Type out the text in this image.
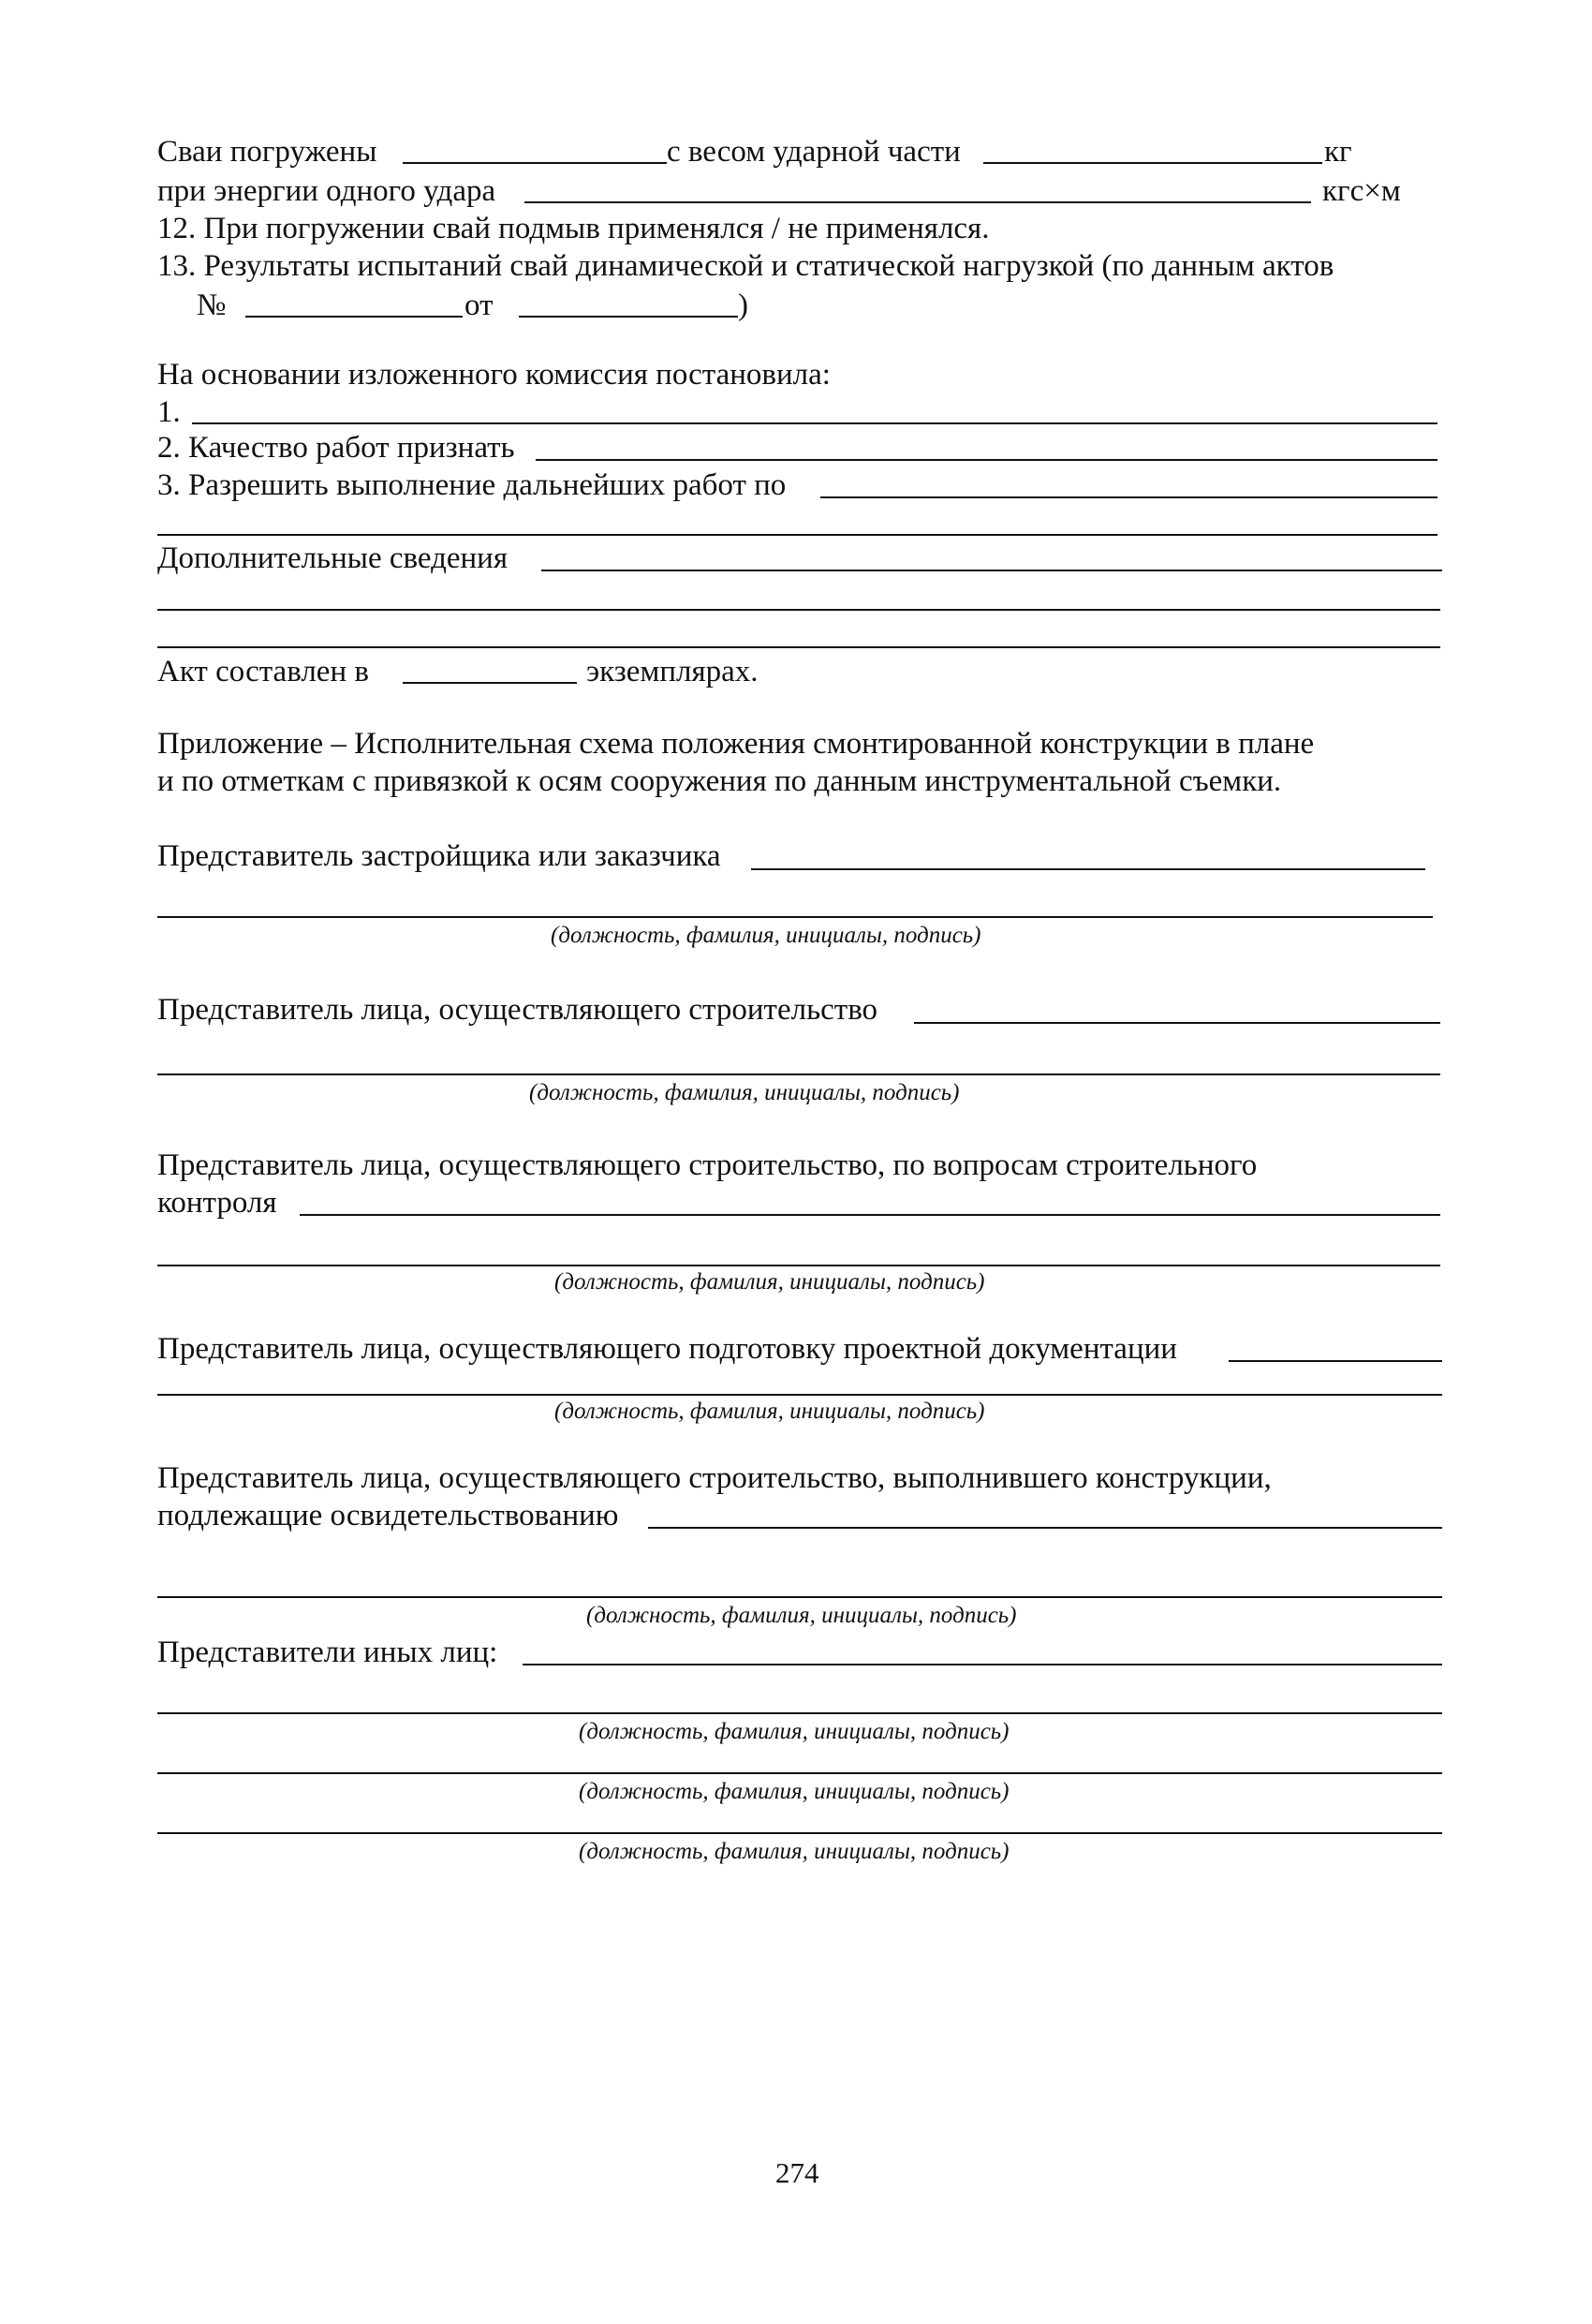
Сваи погружены	с весом ударной части	кг
при энергии одного удара	кгс×м
12. При погружении свай подмыв применялся / не применялся.
13. Результаты испытаний свай динамической и статической нагрузкой (по данным актов
№	от	)
На основании изложенного комиссия постановила:
1.
2. Качество работ признать
3. Разрешить выполнение дальнейших работ по
Дополнительные сведения
Акт составлен в	экземплярах.
Приложение – Исполнительная схема положения смонтированной конструкции в плане
и по отметкам с привязкой к осям сооружения по данным инструментальной съемки.
Представитель застройщика или заказчика
(должность, фамилия, инициалы, подпись)
Представитель лица, осуществляющего строительство
(должность, фамилия, инициалы, подпись)
Представитель лица, осуществляющего строительство, по вопросам строительного
контроля
(должность, фамилия, инициалы, подпись)
Представитель лица, осуществляющего подготовку проектной документации
(должность, фамилия, инициалы, подпись)
Представитель лица, осуществляющего строительство, выполнившего конструкции,
подлежащие освидетельствованию
(должность, фамилия, инициалы, подпись)
Представители иных лиц:
(должность, фамилия, инициалы, подпись)
(должность, фамилия, инициалы, подпись)
(должность, фамилия, инициалы, подпись)
274
